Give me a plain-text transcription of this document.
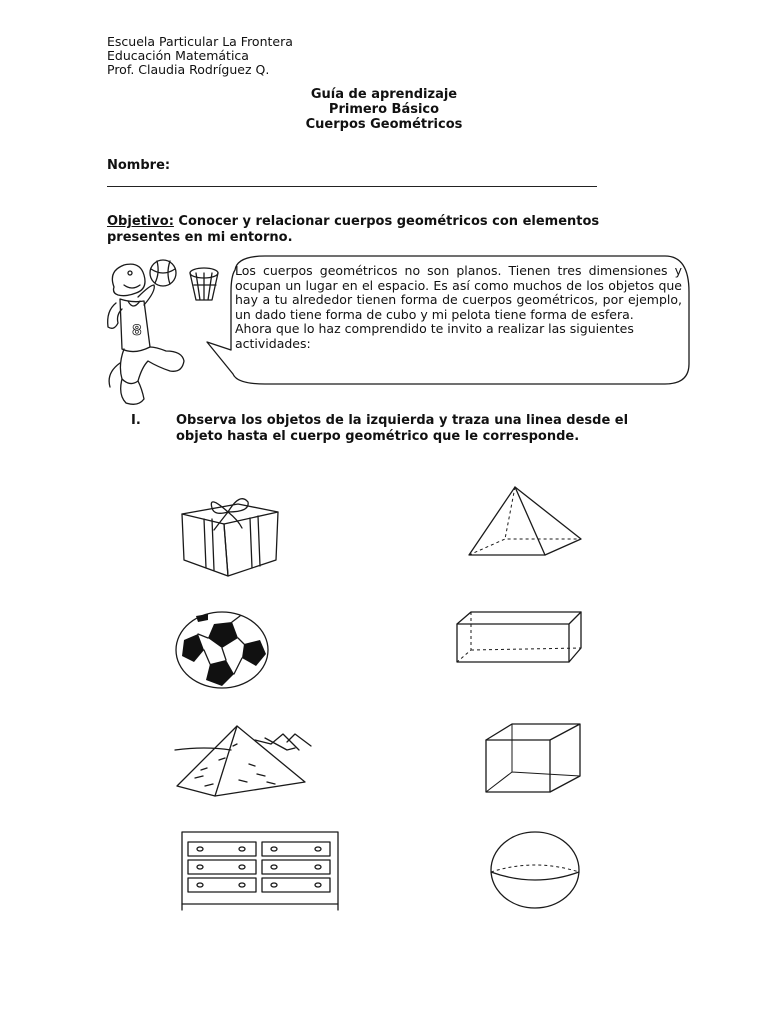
Escuela Particular La Frontera
Educación Matemática
Prof. Claudia Rodríguez Q.
Guía de aprendizaje
Primero Básico
Cuerpos Geométricos
Nombre:
Objetivo: Conocer y relacionar cuerpos geométricos con elementos presentes en mi entorno.
8
Los cuerpos geométricos no son planos. Tienen tres dimensiones y ocupan un lugar en el espacio. Es así como muchos de los objetos que hay a tu alrededor tienen forma de cuerpos geométricos, por ejemplo, un dado tiene forma de cubo y mi pelota tiene forma de esfera.
Ahora que lo haz comprendido te invito a realizar las siguientes actividades:
I.	Observa los objetos de la izquierda y traza una linea desde el objeto hasta el cuerpo geométrico que le corresponde.
